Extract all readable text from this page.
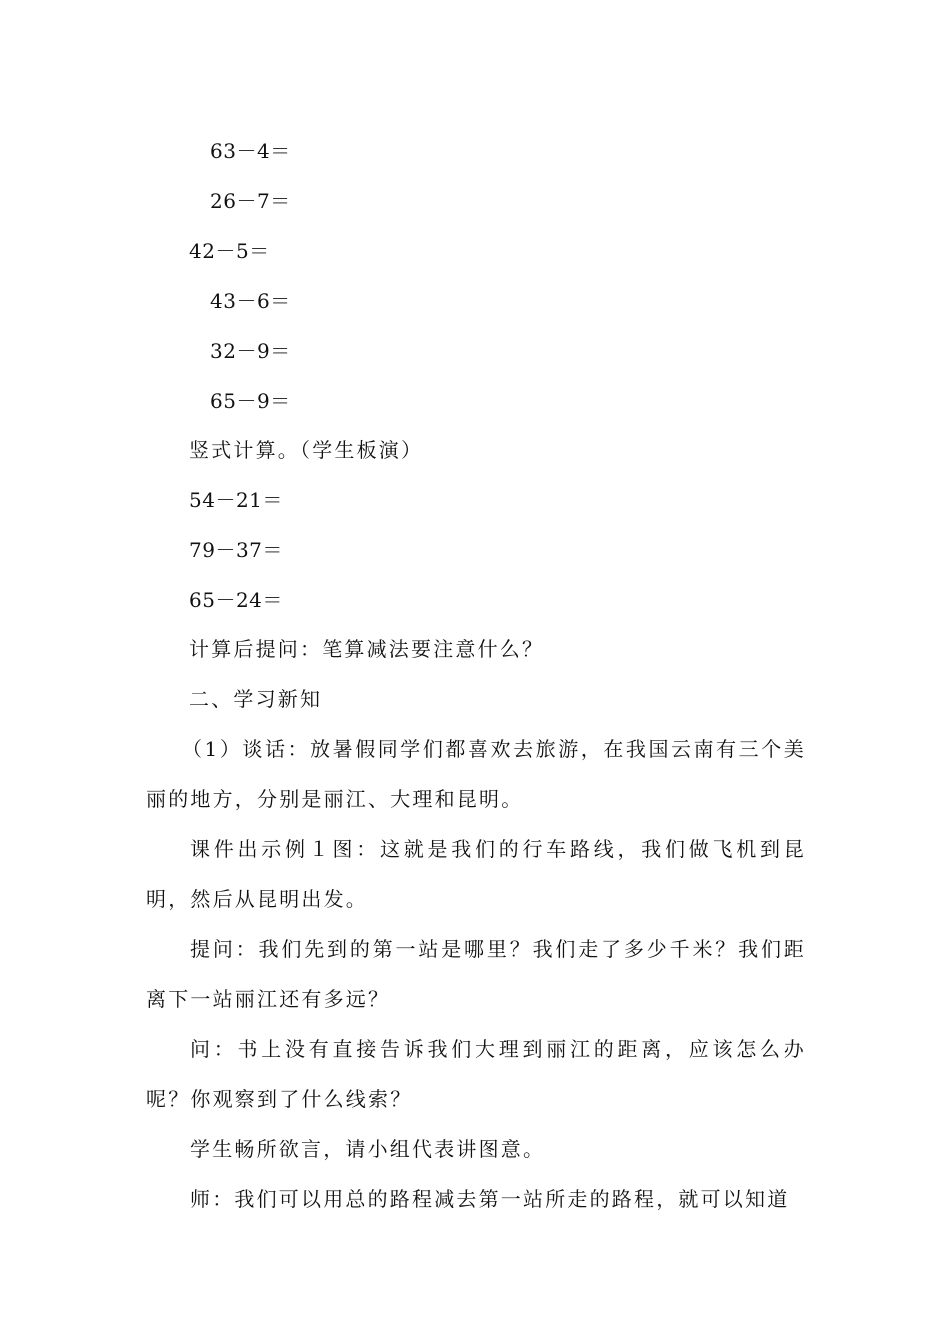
63－4＝
26－7＝
42－5＝
43－6＝
32－9＝
65－9＝
竖式计算。（学生板演）
54－21＝
79－37＝
65－24＝
计算后提问：笔算减法要注意什么？
二、学习新知
（1）谈话：放暑假同学们都喜欢去旅游，在我国云南有三个美丽的地方，分别是丽江、大理和昆明。
课件出示例１图：这就是我们的行车路线，我们做飞机到昆明，然后从昆明出发。
提问：我们先到的第一站是哪里？我们走了多少千米？我们距离下一站丽江还有多远？
问：书上没有直接告诉我们大理到丽江的距离，应该怎么办呢？你观察到了什么线索？
学生畅所欲言，请小组代表讲图意。
师：我们可以用总的路程减去第一站所走的路程，就可以知道
